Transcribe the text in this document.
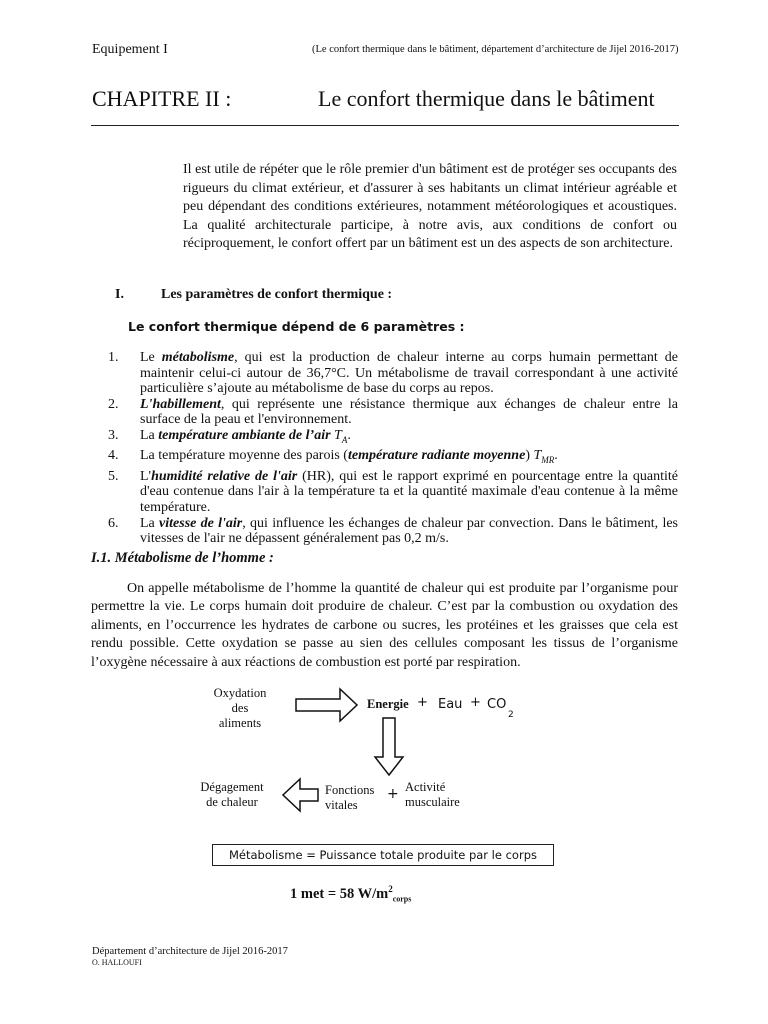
Equipement I	(Le confort thermique dans le bâtiment, département d’architecture de Jijel 2016-2017)
CHAPITRE II :	Le confort thermique dans le bâtiment
Il est utile de répéter que le rôle premier d'un bâtiment est de protéger ses occupants des rigueurs du climat extérieur, et d'assurer à ses habitants un climat intérieur agréable et peu dépendant des conditions extérieures, notamment météorologiques et acoustiques. La qualité architecturale participe, à notre avis, aux conditions de confort ou réciproquement, le confort offert par un bâtiment est un des aspects de son architecture.
I.	Les paramètres de confort thermique :
Le confort thermique dépend de 6 paramètres :
1.	Le métabolisme, qui est la production de chaleur interne au corps humain permettant de maintenir celui-ci autour de 36,7°C. Un métabolisme de travail correspondant à une activité particulière s’ajoute au métabolisme de base du corps au repos.
2.	L'habillement, qui représente une résistance thermique aux échanges de chaleur entre la surface de la peau et l'environnement.
3.	La température ambiante de l’air $T_A$.
4.	La température moyenne des parois (température radiante moyenne) $T_{MR}$.
5.	L'humidité relative de l'air (HR), qui est le rapport exprimé en pourcentage entre la quantité d'eau contenue dans l'air à la température ta et la quantité maximale d'eau contenue à la même température.
6.	La vitesse de l'air, qui influence les échanges de chaleur par convection. Dans le bâtiment, les vitesses de l'air ne dépassent généralement pas 0,2 m/s.
I.1. Métabolisme de l’homme :
On appelle métabolisme de l’homme la quantité de chaleur qui est produite par l’organisme pour permettre la vie. Le corps humain doit produire de chaleur. C’est par la combustion ou oxydation des aliments, en l’occurrence les hydrates de carbone ou sucres, les protéines et les graisses que cela est rendu possible. Cette oxydation se passe au sien des cellules composant les tissus de l’organisme l’oxygène nécessaire à aux réactions de combustion est porté par respiration.
Oxydation
des
aliments
Energie + Eau + CO
2
Dégagement
de chaleur
Fonctions
vitales
+ Activité
musculaire
Métabolisme = Puissance totale produite par le corps
1 met = 58 $W/m^2_{corps}$
Département d’architecture de Jijel 2016-2017
O. HALLOUFI
